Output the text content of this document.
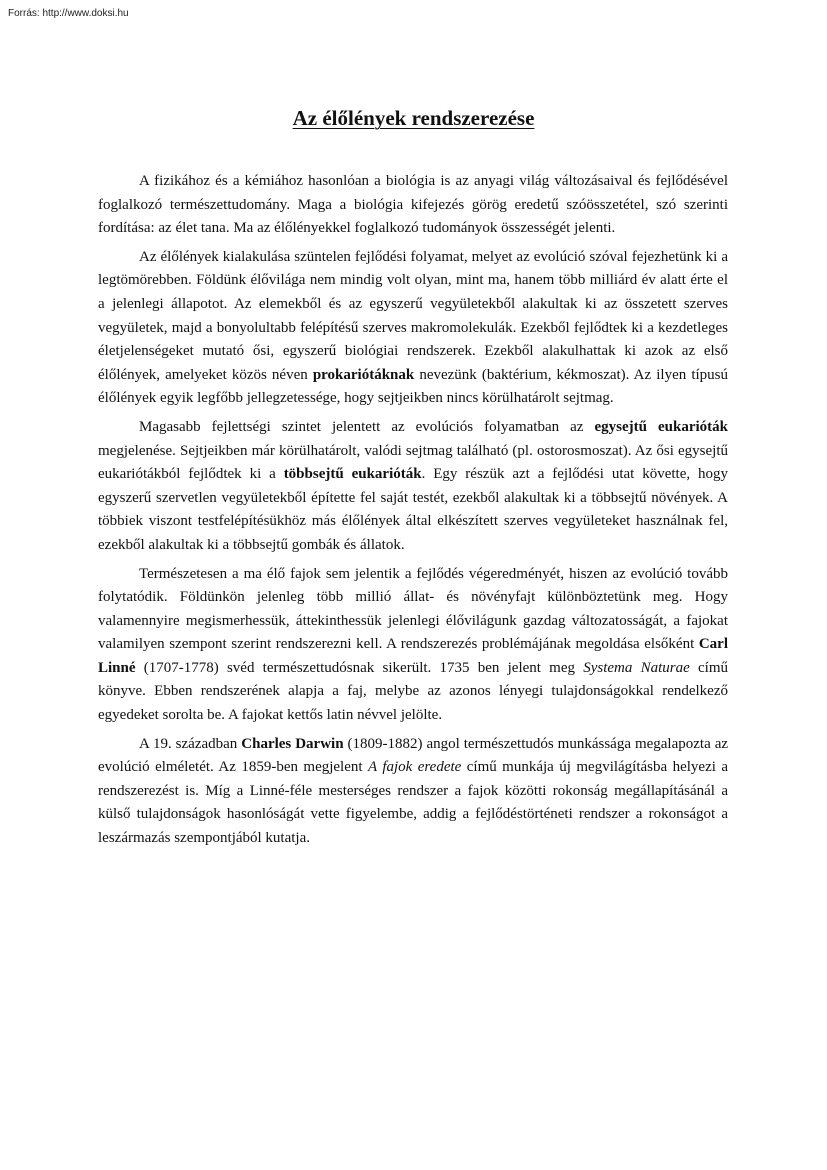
Forrás: http://www.doksi.hu

Az élőlények rendszerezése

A fizikához és a kémiához hasonlóan a biológia is az anyagi világ változásaival és fejlődésével foglalkozó természettudomány. Maga a biológia kifejezés görög eredetű szóösszetétel, szó szerinti fordítása: az élet tana. Ma az élőlényekkel foglalkozó tudományok összességét jelenti.

Az élőlények kialakulása szüntelen fejlődési folyamat, melyet az evolúció szóval fejezhetünk ki a legtömörebben. Földünk élővilága nem mindig volt olyan, mint ma, hanem több milliárd év alatt érte el a jelenlegi állapotot. Az elemekből és az egyszerű vegyületekből alakultak ki az összetett szerves vegyületek, majd a bonyolultabb felépítésű szerves makromolekulák. Ezekből fejlődtek ki a kezdetleges életjelenségeket mutató ősi, egyszerű biológiai rendszerek. Ezekből alakulhattak ki azok az első élőlények, amelyeket közös néven prokariótáknak nevezünk (baktérium, kékmoszat). Az ilyen típusú élőlények egyik legfőbb jellegzetessége, hogy sejtjeikben nincs körülhatárolt sejtmag.

Magasabb fejlettségi szintet jelentett az evolúciós folyamatban az egysejtű eukarióták megjelenése. Sejtjeikben már körülhatárolt, valódi sejtmag található (pl. ostorosmoszat). Az ősi egysejtű eukariótákból fejlődtek ki a többsejtű eukarióták. Egy részük azt a fejlődési utat követte, hogy egyszerű szervetlen vegyületekből építette fel saját testét, ezekből alakultak ki a többsejtű növények. A többiek viszont testfelépítésükhöz más élőlények által elkészített szerves vegyületeket használnak fel, ezekből alakultak ki a többsejtű gombák és állatok.

Természetesen a ma élő fajok sem jelentik a fejlődés végeredményét, hiszen az evolúció tovább folytatódik. Földünkön jelenleg több millió állat- és növényfajt különböztetünk meg. Hogy valamennyire megismerhessük, áttekinthessük jelenlegi élővilágunk gazdag változatosságát, a fajokat valamilyen szempont szerint rendszerezni kell. A rendszerezés problémájának megoldása elsőként Carl Linné (1707-1778) svéd természettudósnak sikerült. 1735 ben jelent meg Systema Naturae című könyve. Ebben rendszerének alapja a faj, melybe az azonos lényegi tulajdonságokkal rendelkező egyedeket sorolta be. A fajokat kettős latin névvel jelölte.

A 19. században Charles Darwin (1809-1882) angol természettudós munkássága megalapozta az evolúció elméletét. Az 1859-ben megjelent A fajok eredete című munkája új megvilágításba helyezi a rendszerezést is. Míg a Linné-féle mesterséges rendszer a fajok közötti rokonság megállapításánál a külső tulajdonságok hasonlóságát vette figyelembe, addig a fejlődéstörténeti rendszer a rokonságot a leszármazás szempontjából kutatja.
